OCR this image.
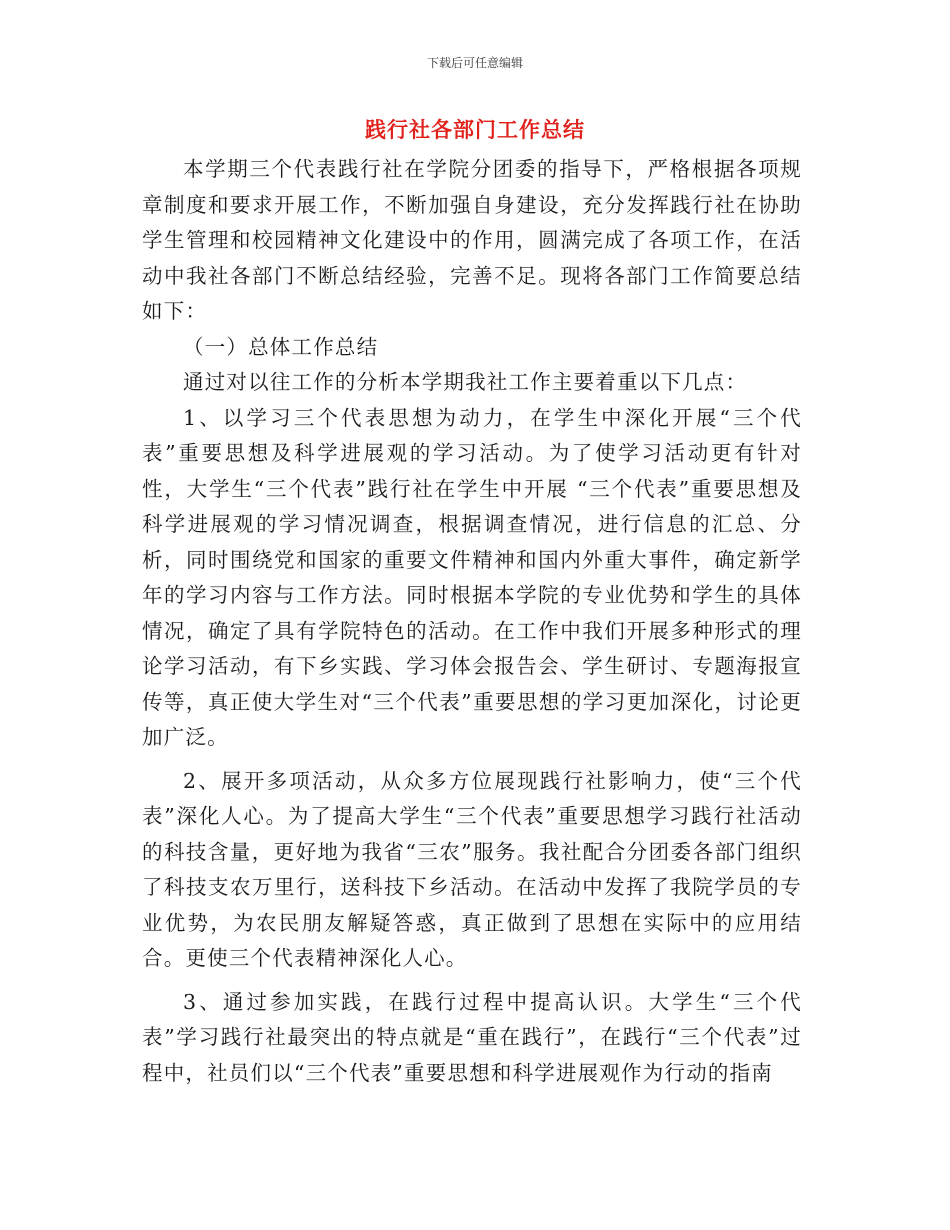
下载后可任意编辑
践行社各部门工作总结

本学期三个代表践行社在学院分团委的指导下，严格根据各项规章制度和要求开展工作，不断加强自身建设，充分发挥践行社在协助学生管理和校园精神文化建设中的作用，圆满完成了各项工作，在活动中我社各部门不断总结经验，完善不足。现将各部门工作简要总结如下：

（一）总体工作总结

通过对以往工作的分析本学期我社工作主要着重以下几点：

1、以学习三个代表思想为动力，在学生中深化开展“三个代表”重要思想及科学进展观的学习活动。为了使学习活动更有针对性，大学生“三个代表”践行社在学生中开展 “三个代表”重要思想及科学进展观的学习情况调查，根据调查情况，进行信息的汇总、分析，同时围绕党和国家的重要文件精神和国内外重大事件，确定新学年的学习内容与工作方法。同时根据本学院的专业优势和学生的具体情况，确定了具有学院特色的活动。在工作中我们开展多种形式的理论学习活动，有下乡实践、学习体会报告会、学生研讨、专题海报宣传等，真正使大学生对“三个代表”重要思想的学习更加深化，讨论更加广泛。

2、展开多项活动，从众多方位展现践行社影响力，使“三个代表”深化人心。为了提高大学生“三个代表”重要思想学习践行社活动的科技含量，更好地为我省“三农”服务。我社配合分团委各部门组织了科技支农万里行，送科技下乡活动。在活动中发挥了我院学员的专业优势，为农民朋友解疑答惑，真正做到了思想在实际中的应用结合。更使三个代表精神深化人心。

3、通过参加实践，在践行过程中提高认识。大学生“三个代表”学习践行社最突出的特点就是“重在践行”，在践行“三个代表”过程中，社员们以“三个代表”重要思想和科学进展观作为行动的指南
